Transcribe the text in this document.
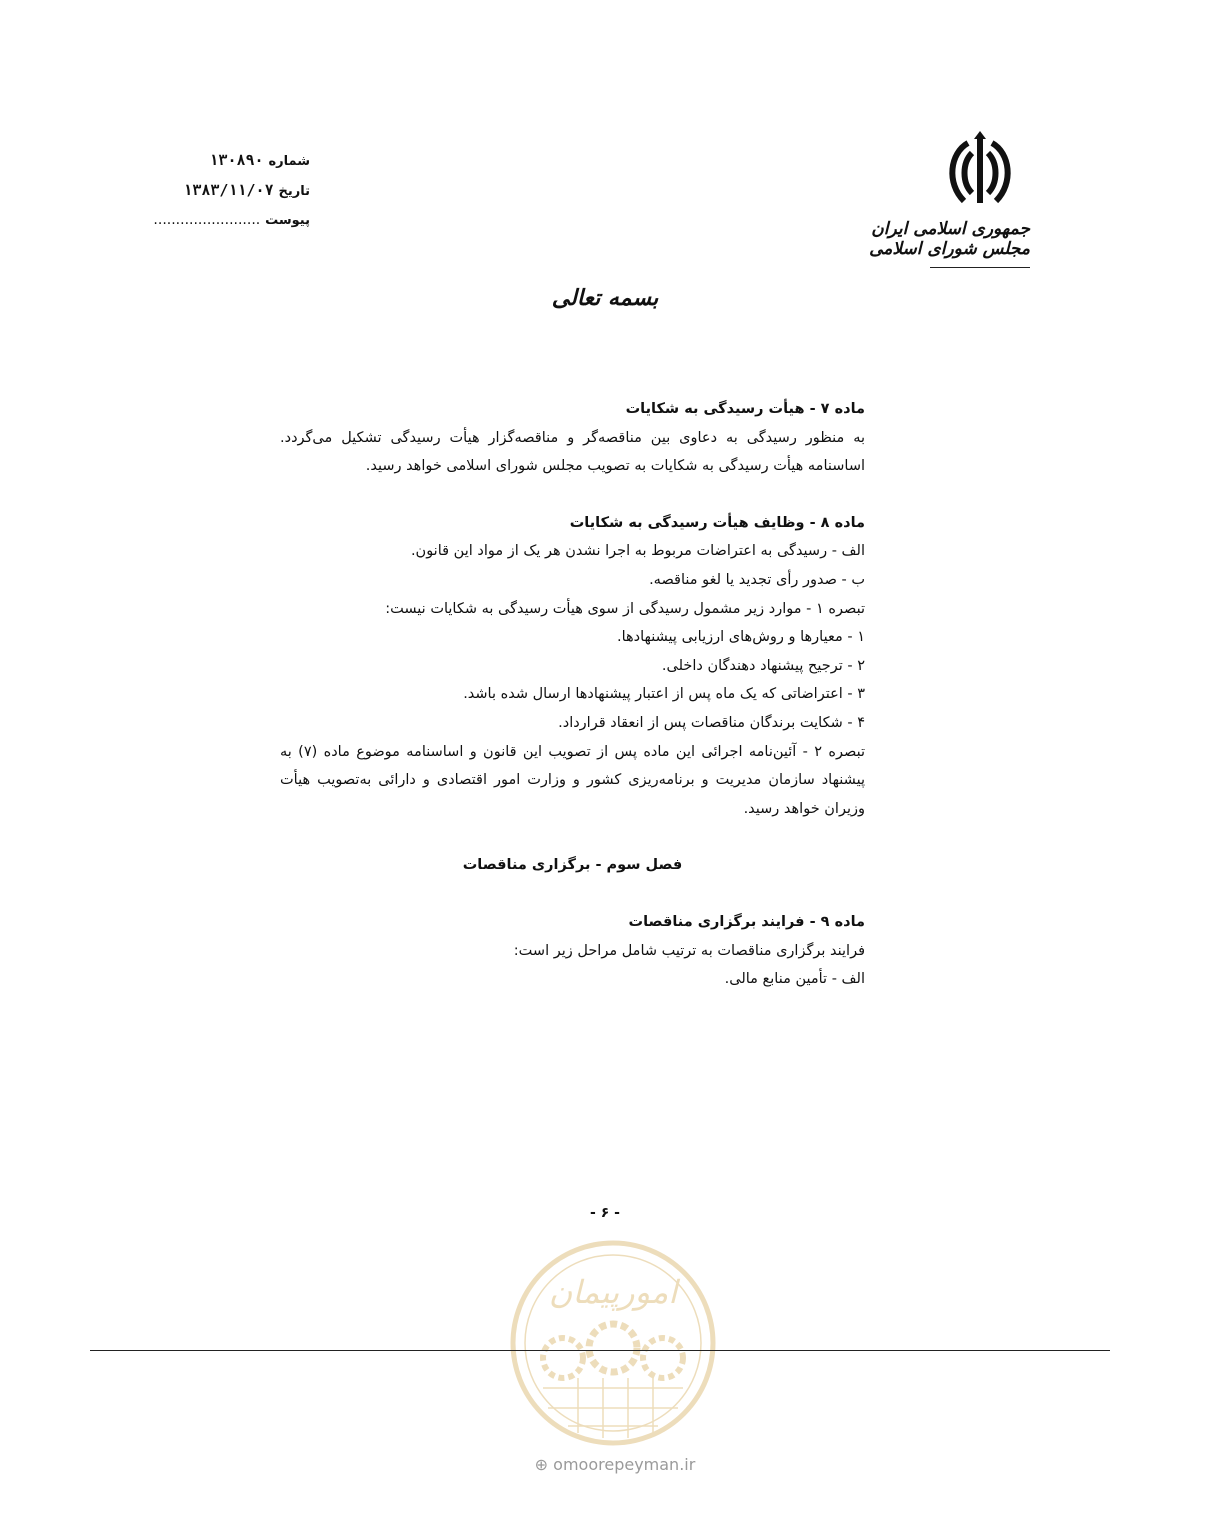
شماره ۱۳۰۸۹۰
تاریخ ۱۳۸۳/۱۱/۰۷
پیوست ........................	جمهوری اسلامی ایران
مجلس شورای اسلامی
بسمه تعالی

ماده ۷ - هیأت رسیدگی به شکایات

به منظور رسیدگی به دعاوی بین مناقصه‌گر و مناقصه‌گزار هیأت رسیدگی تشکیل می‌گردد. اساسنامه هیأت رسیدگی به شکایات به تصویب مجلس شورای اسلامی خواهد رسید.

ماده ۸ - وظایف هیأت رسیدگی به شکایات

الف - رسیدگی به اعتراضات مربوط به اجرا نشدن هر یک از مواد این قانون.

ب - صدور رأی تجدید یا لغو مناقصه.

تبصره ۱ - موارد زیر مشمول رسیدگی از سوی هیأت رسیدگی به شکایات نیست:

۱ - معیارها و روش‌های ارزیابی پیشنهادها.

۲ - ترجیح پیشنهاد دهندگان داخلی.

۳ - اعتراضاتی که یک ماه پس از اعتبار پیشنهادها ارسال شده باشد.

۴ - شکایت برندگان مناقصات پس از انعقاد قرارداد.

تبصره ۲ - آئین‌نامه اجرائی این ماده پس از تصویب این قانون و اساسنامه موضوع ماده (۷) به پیشنهاد سازمان مدیریت و برنامه‌ریزی کشور و وزارت امور اقتصادی و دارائی به‌تصویب هیأت وزیران خواهد رسید.

فصل سوم - برگزاری مناقصات

ماده ۹ - فرایند برگزاری مناقصات

فرایند برگزاری مناقصات به ترتیب شامل مراحل زیر است:

الف - تأمین منابع مالی.

- ۶ -
امورپیمان
⊕ omoorepeyman.ir
